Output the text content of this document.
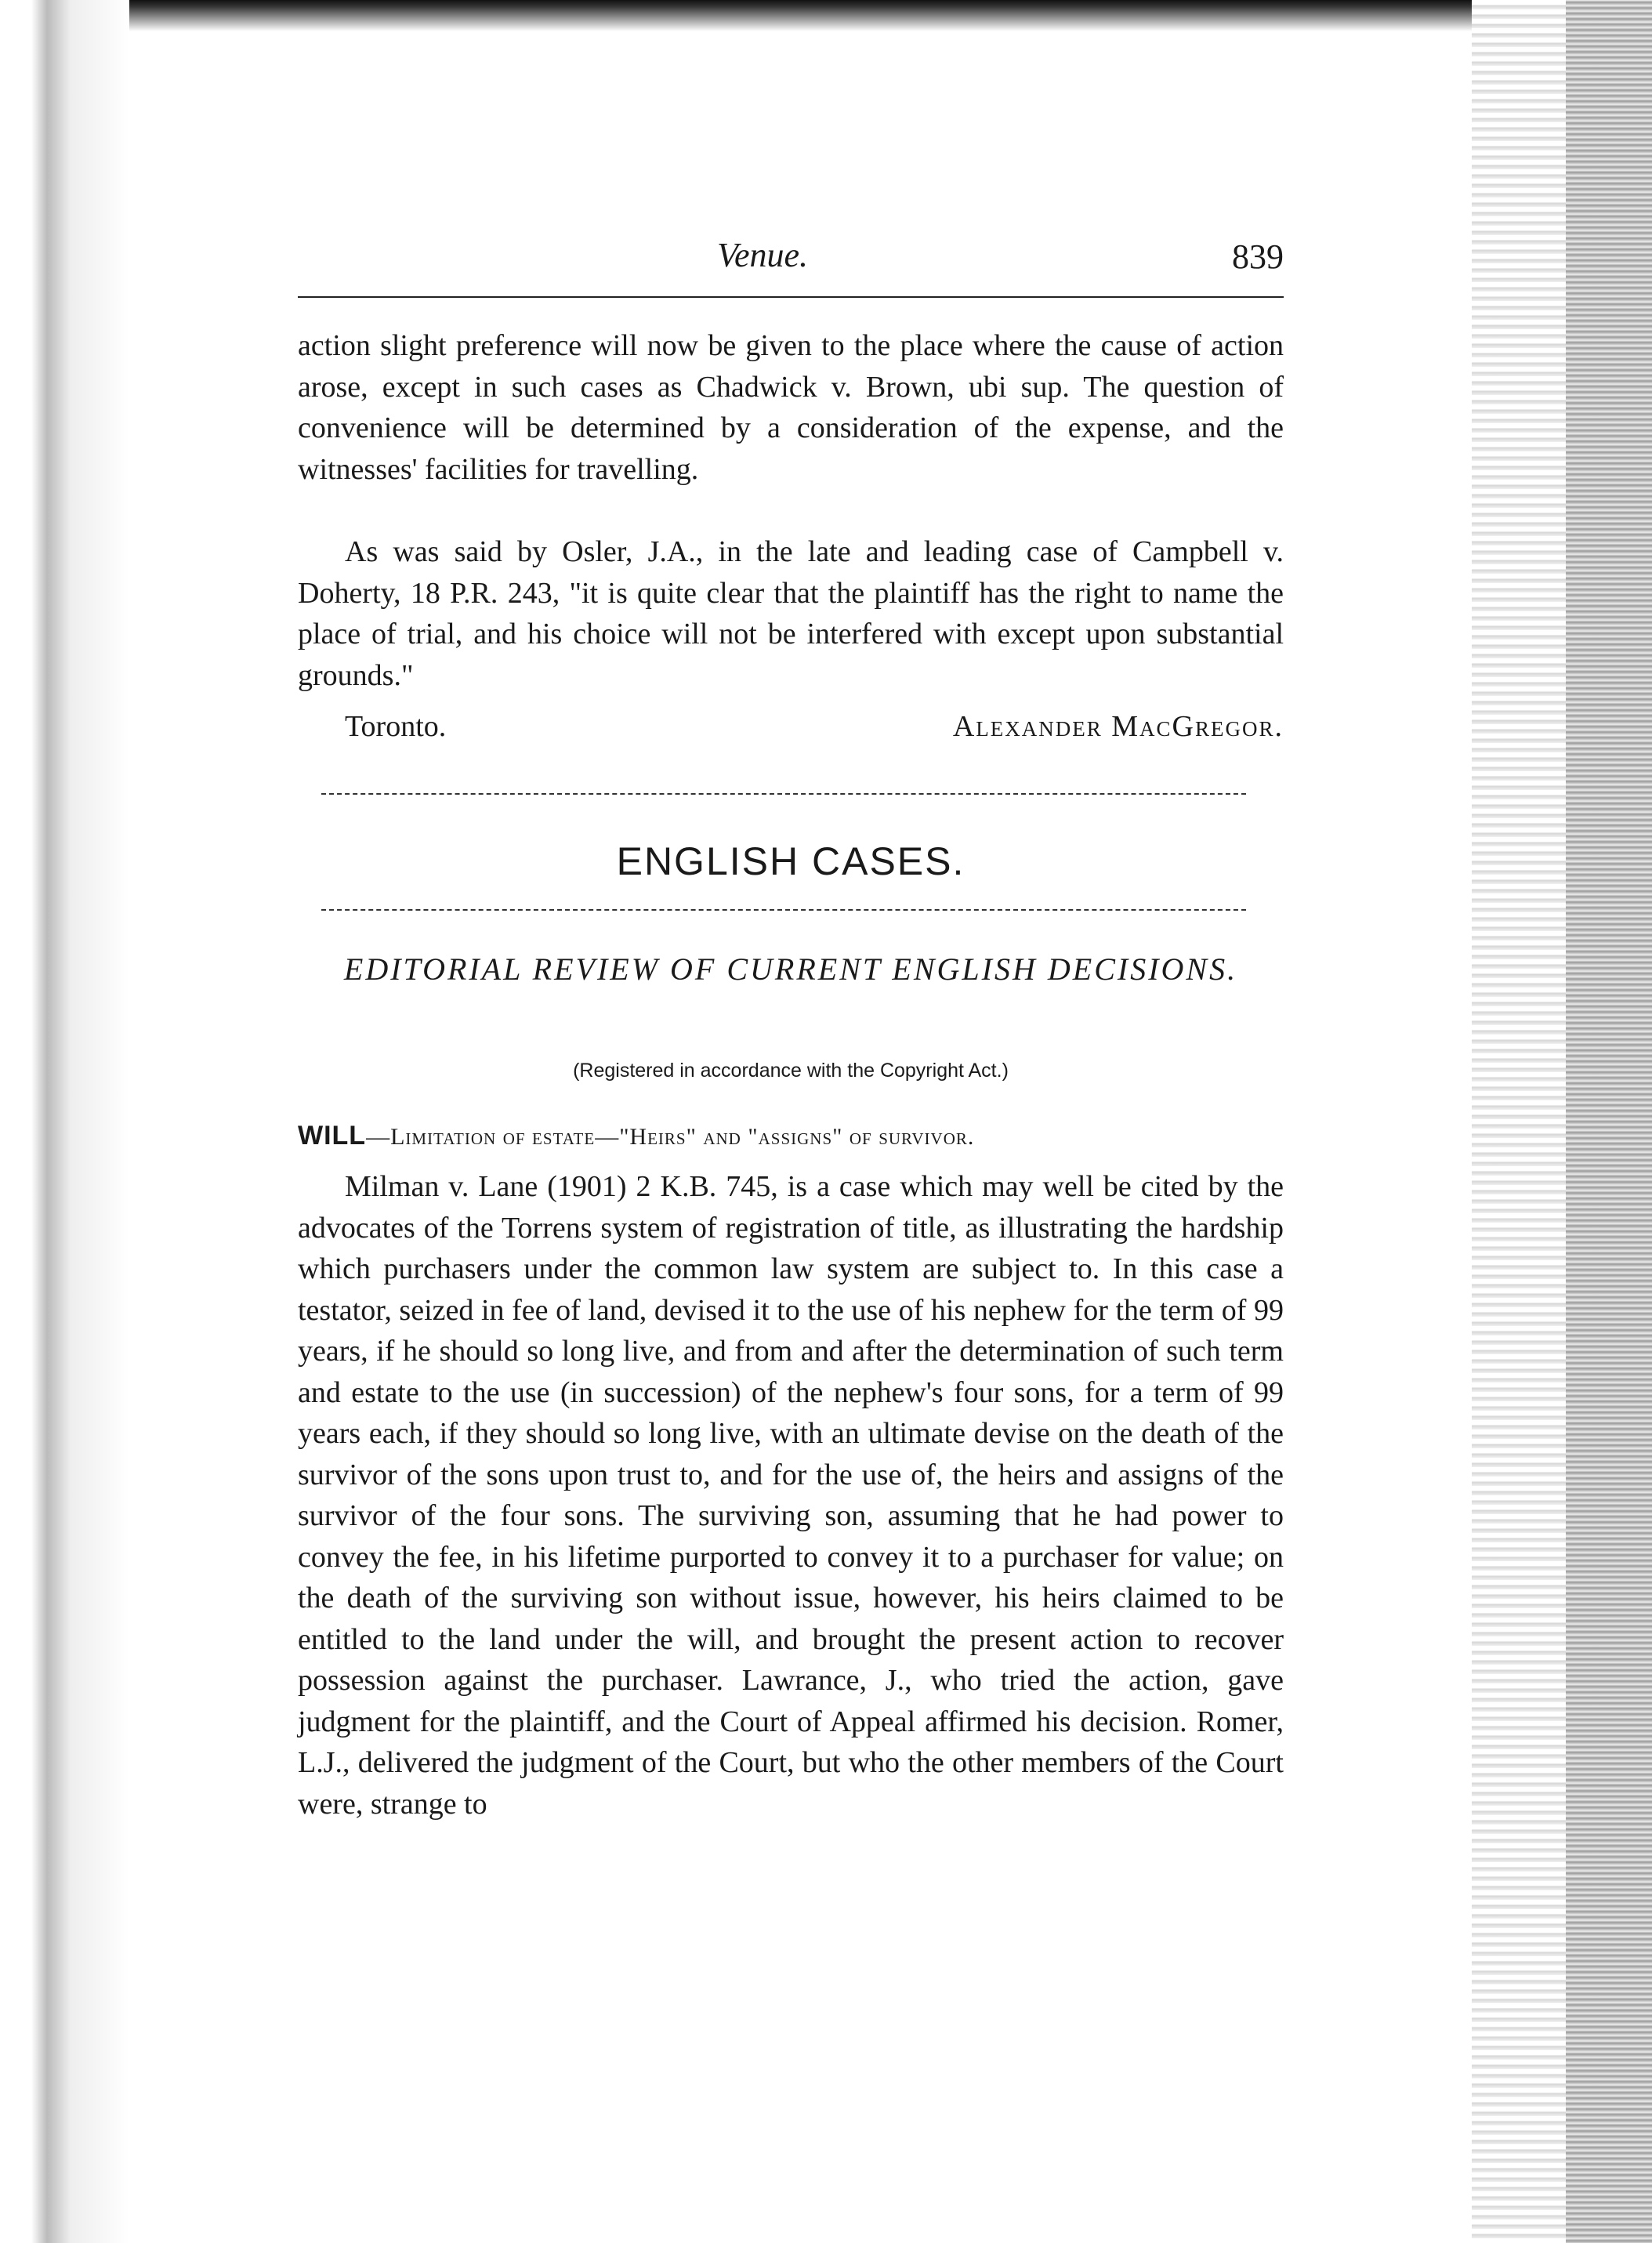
Venue.	839

action slight preference will now be given to the place where the cause of action arose, except in such cases as Chadwick v. Brown, ubi sup. The question of convenience will be determined by a consideration of the expense, and the witnesses' facilities for travelling.

As was said by Osler, J.A., in the late and leading case of Campbell v. Doherty, 18 P.R. 243, "it is quite clear that the plaintiff has the right to name the place of trial, and his choice will not be interfered with except upon substantial grounds."

Toronto.	Alexander MacGregor.
ENGLISH CASES.
EDITORIAL REVIEW OF CURRENT ENGLISH DECISIONS.
(Registered in accordance with the Copyright Act.)
WILL—Limitation of estate—"Heirs" and "assigns" of survivor.

Milman v. Lane (1901) 2 K.B. 745, is a case which may well be cited by the advocates of the Torrens system of registration of title, as illustrating the hardship which purchasers under the common law system are subject to. In this case a testator, seized in fee of land, devised it to the use of his nephew for the term of 99 years, if he should so long live, and from and after the determination of such term and estate to the use (in succession) of the nephew's four sons, for a term of 99 years each, if they should so long live, with an ultimate devise on the death of the survivor of the sons upon trust to, and for the use of, the heirs and assigns of the survivor of the four sons. The surviving son, assuming that he had power to convey the fee, in his lifetime purported to convey it to a purchaser for value; on the death of the surviving son without issue, however, his heirs claimed to be entitled to the land under the will, and brought the present action to recover possession against the purchaser. Lawrance, J., who tried the action, gave judgment for the plaintiff, and the Court of Appeal affirmed his decision. Romer, L.J., delivered the judgment of the Court, but who the other members of the Court were, strange to
